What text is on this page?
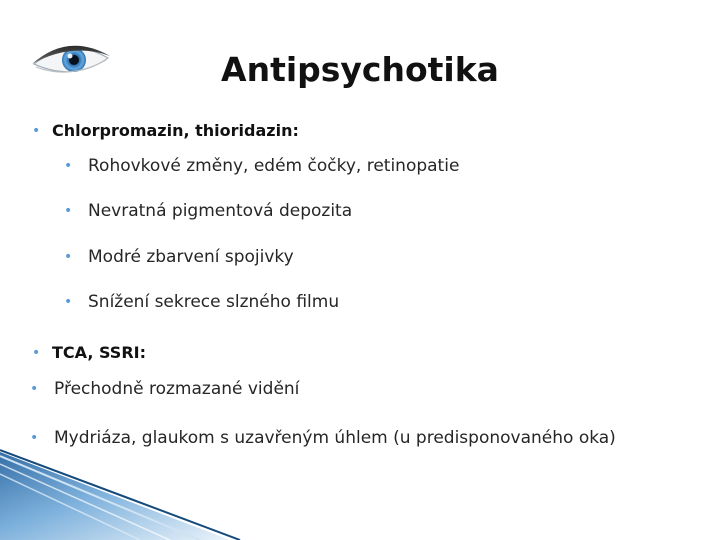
Antipsychotika
• Chlorpromazin, thioridazin:
• Rohovkové změny, edém čočky, retinopatie
• Nevratná pigmentová depozita
• Modré zbarvení spojivky
• Snížení sekrece slzného filmu
• TCA, SSRI:
• Přechodně rozmazané vidění
• Mydriáza, glaukom s uzavřeným úhlem (u predisponovaného oka)
